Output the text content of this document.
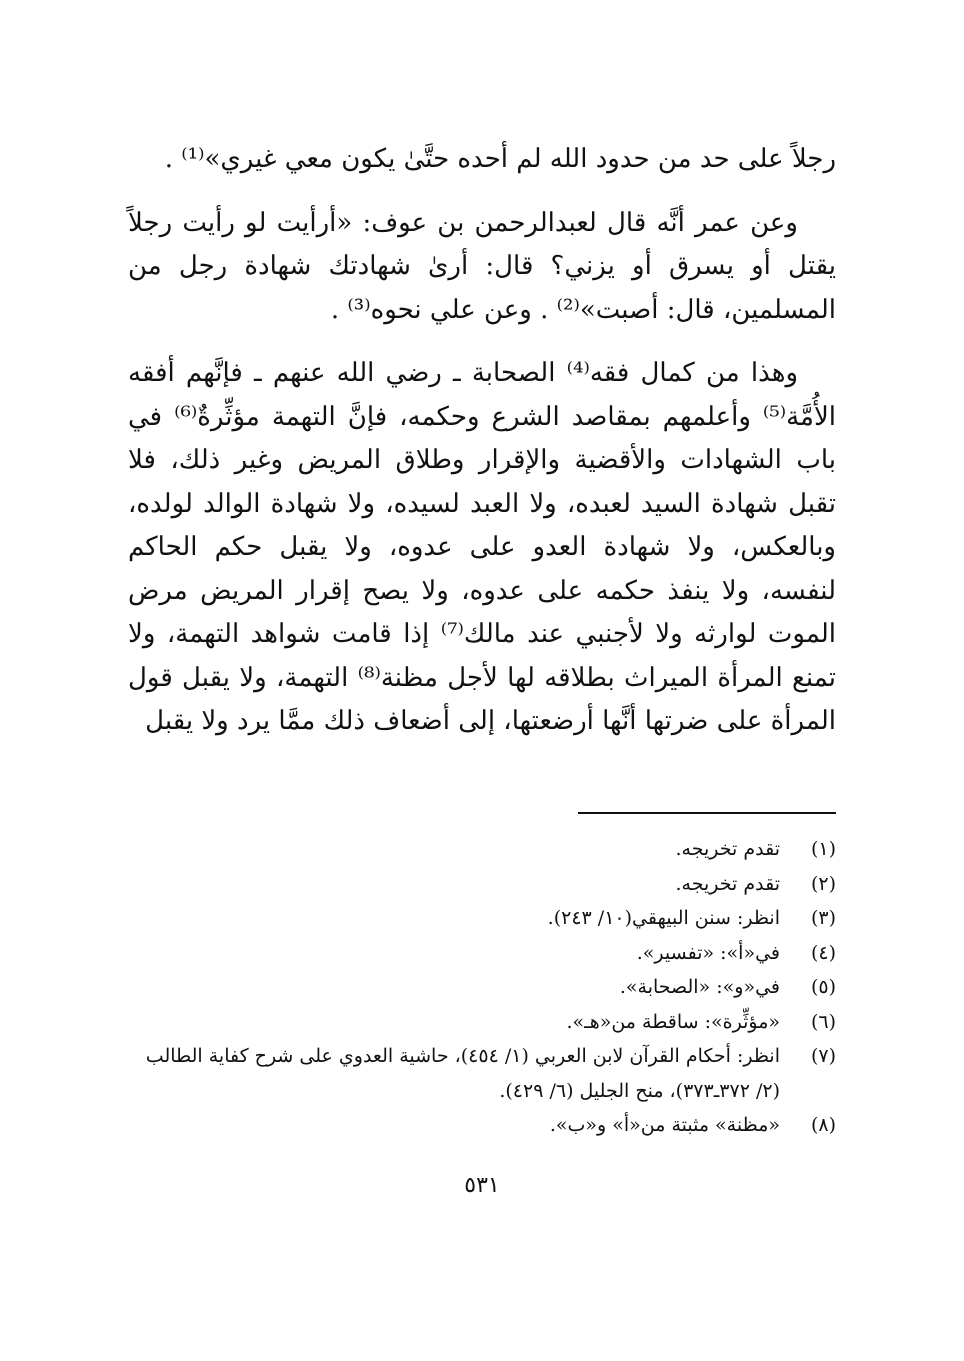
رجلاً على حد من حدود الله لم أحده حتَّىٰ يكون معي غيري»⁽¹⁾ .

وعن عمر أنَّه قال لعبدالرحمن بن عوف: «أرأيت لو رأيت رجلاً يقتل أو يسرق أو يزني؟ قال: أرىٰ شهادتك شهادة رجل من المسلمين، قال: أصبت»⁽²⁾ . وعن علي نحوه⁽³⁾ .

وهذا من كمال فقه⁽⁴⁾ الصحابة ـ رضي الله عنهم ـ فإنَّهم أفقه الأُمَّة⁽⁵⁾ وأعلمهم بمقاصد الشرع وحكمه، فإنَّ التهمة مؤثِّرةٌ⁽⁶⁾ في باب الشهادات والأقضية والإقرار وطلاق المريض وغير ذلك، فلا تقبل شهادة السيد لعبده، ولا العبد لسيده، ولا شهادة الوالد لولده، وبالعكس، ولا شهادة العدو على عدوه، ولا يقبل حكم الحاكم لنفسه، ولا ينفذ حكمه على عدوه، ولا يصح إقرار المريض مرض الموت لوارثه ولا لأجنبي عند مالك⁽⁷⁾ إذا قامت شواهد التهمة، ولا تمنع المرأة الميراث بطلاقه لها لأجل مظنة⁽⁸⁾ التهمة، ولا يقبل قول المرأة على ضرتها أنَّها أرضعتها، إلى أضعاف ذلك ممَّا يرد ولا يقبل

(١)
تقدم تخريجه.
(٢)
تقدم تخريجه.
(٣)
انظر: سنن البيهقي(١٠/ ٢٤٣).
(٤)
في«أ»: «تفسير».
(٥)
في«و»: «الصحابة».
(٦)
«مؤثِّرة»: ساقطة من«هـ».
(٧)
انظر: أحكام القرآن لابن العربي (١/ ٤٥٤)، حاشية العدوي على شرح كفاية الطالب (٢/ ٣٧٢ـ٣٧٣)، منح الجليل (٦/ ٤٢٩).
(٨)
«مظنة» مثبتة من«أ» و«ب».
٥٣١
